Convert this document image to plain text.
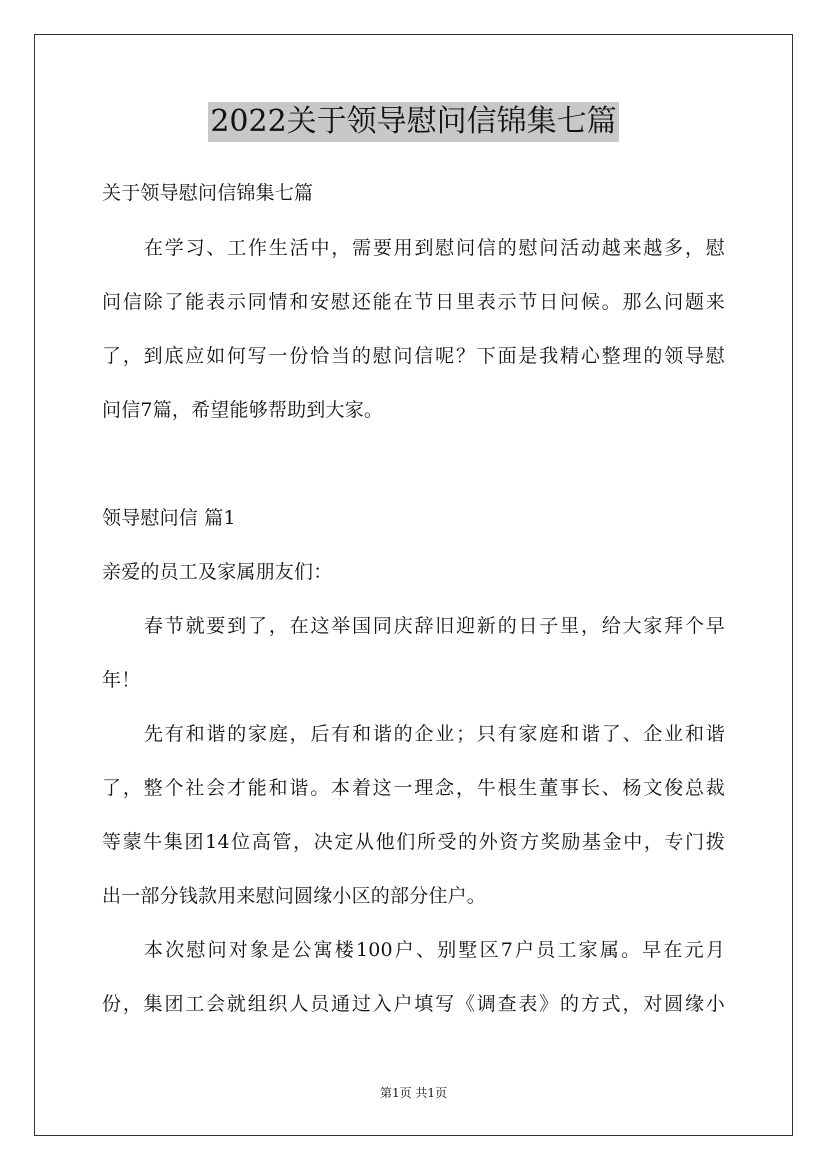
2022关于领导慰问信锦集七篇
关于领导慰问信锦集七篇
在学习、工作生活中，需要用到慰问信的慰问活动越来越多，慰
问信除了能表示同情和安慰还能在节日里表示节日问候。那么问题来
了，到底应如何写一份恰当的慰问信呢？下面是我精心整理的领导慰
问信7篇，希望能够帮助到大家。
领导慰问信 篇1
亲爱的员工及家属朋友们：
春节就要到了，在这举国同庆辞旧迎新的日子里，给大家拜个早
年！
先有和谐的家庭，后有和谐的企业；只有家庭和谐了、企业和谐
了，整个社会才能和谐。本着这一理念，牛根生董事长、杨文俊总裁
等蒙牛集团14位高管，决定从他们所受的外资方奖励基金中，专门拨
出一部分钱款用来慰问圆缘小区的部分住户。
本次慰问对象是公寓楼100户、别墅区7户员工家属。早在元月
份，集团工会就组织人员通过入户填写《调查表》的方式，对圆缘小
第1页 共1页
